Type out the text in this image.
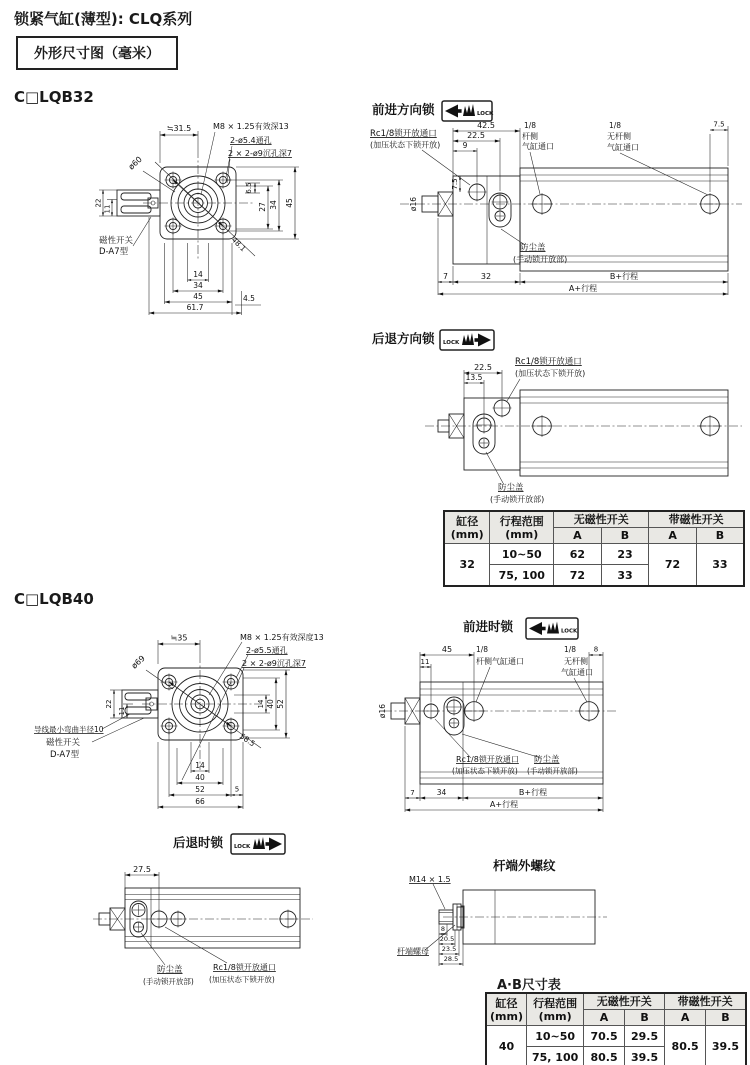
锁紧气缸(薄型): CLQ系列
外形尺寸图（毫米）
C□LQB32
≒31.5	M8 × 1.25有效深13
2-ø5.4通孔
2 × 2-ø9沉孔深7
ø60
22
11
磁性开关
D-A7型
6.5
27 34 45
48.1
14
34
45
61.7
4.5
前进方向锁	LOCK
Rc1/8锁开放通口
(加压状态下锁开放)
42.5
22.5
9
7.5
1/8
杆侧
气缸通口
1/8
无杆侧
气缸通口
7.5
ø16
防尘盖
(手动锁开放部)
7	32	B+行程
A+行程
后退方向锁 LOCK
22.5
13.5
Rc1/8锁开放通口
(加压状态下锁开放)
防尘盖
(手动锁开放部)
缸径
(mm)	行程范围
(mm)	无磁性开关		带磁性开关	
		A	B	A	B
32	10~50	62	23	72	33
	75, 100	72	33		
C□LQB40
≒35	M8 × 1.25有效深度13
2-ø5.5通孔
2 × 2-ø9沉孔深7
ø69
22
11
导线最小弯曲半径10
磁性开关
D-A7型
14 40 52
58.5
14
40
52	5
66
前进时锁	LOCK
45
11
1/8
杆侧气缸通口
1/8
无杆侧
气缸通口
8
ø16
Rc1/8锁开放通口
(加压状态下锁开放)
防尘盖
(手动锁开放部)
7	34	B+行程
A+行程
后退时锁 LOCK
27.5
防尘盖
(手动锁开放部)
Rc1/8锁开放通口
(加压状态下锁开放)
杆端外螺纹
M14 × 1.5
杆端螺母
8
20.5
23.5
28.5
A·B尺寸表
缸径
(mm)	行程范围
(mm)	无磁性开关		带磁性开关	
		A	B	A	B
40	10~50	70.5	29.5	80.5	39.5
	75, 100	80.5	39.5		
